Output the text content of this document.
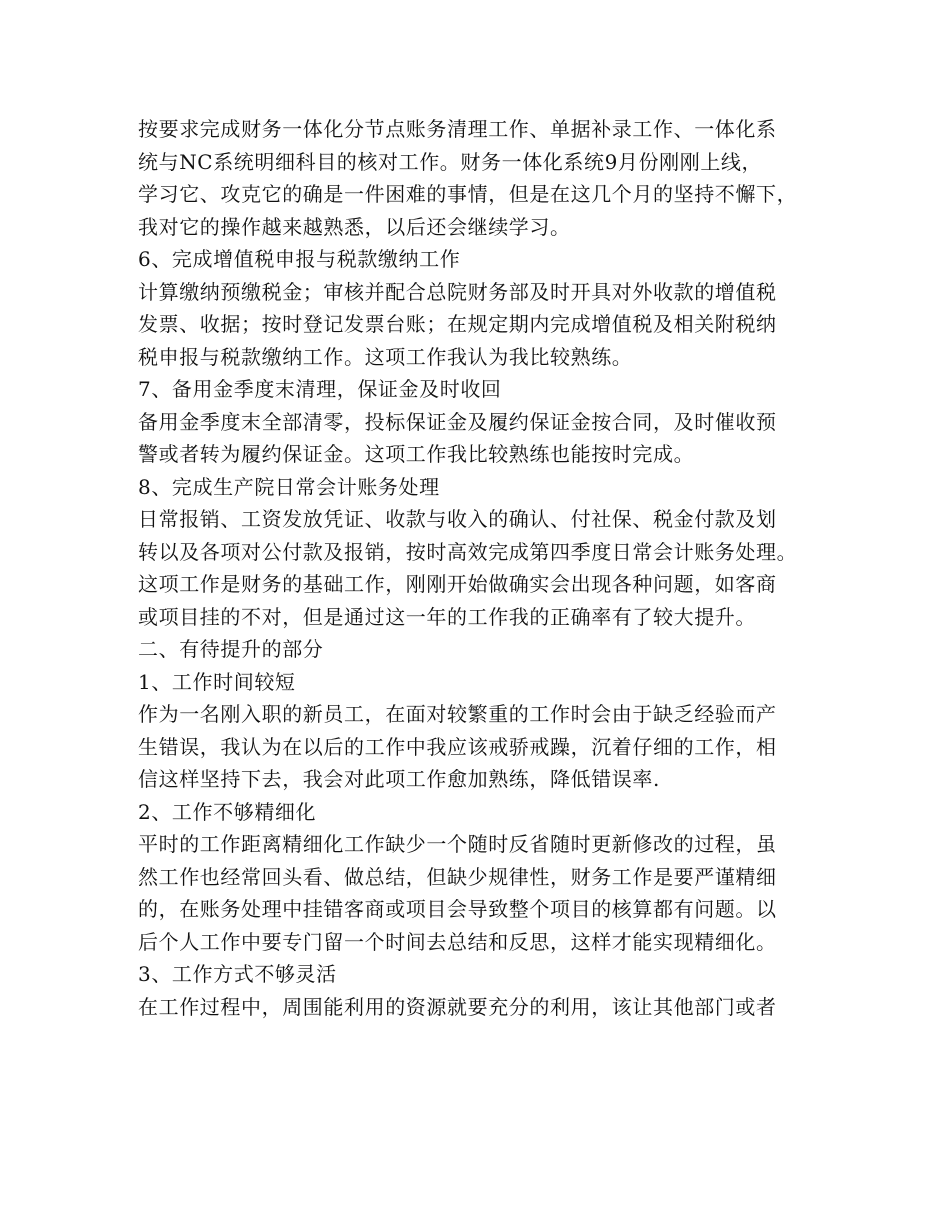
按要求完成财务一体化分节点账务清理工作、单据补录工作、一体化系
统与NC系统明细科目的核对工作。财务一体化系统9月份刚刚上线，
学习它、攻克它的确是一件困难的事情，但是在这几个月的坚持不懈下，
我对它的操作越来越熟悉，以后还会继续学习。
6、完成增值税申报与税款缴纳工作
计算缴纳预缴税金；审核并配合总院财务部及时开具对外收款的增值税
发票、收据；按时登记发票台账；在规定期内完成增值税及相关附税纳
税申报与税款缴纳工作。这项工作我认为我比较熟练。
7、备用金季度末清理，保证金及时收回
备用金季度末全部清零，投标保证金及履约保证金按合同，及时催收预
警或者转为履约保证金。这项工作我比较熟练也能按时完成。
8、完成生产院日常会计账务处理
日常报销、工资发放凭证、收款与收入的确认、付社保、税金付款及划
转以及各项对公付款及报销，按时高效完成第四季度日常会计账务处理。
这项工作是财务的基础工作，刚刚开始做确实会出现各种问题，如客商
或项目挂的不对，但是通过这一年的工作我的正确率有了较大提升。
二、有待提升的部分
1、工作时间较短
作为一名刚入职的新员工，在面对较繁重的工作时会由于缺乏经验而产
生错误，我认为在以后的工作中我应该戒骄戒躁，沉着仔细的工作，相
信这样坚持下去，我会对此项工作愈加熟练，降低错误率.
2、工作不够精细化
平时的工作距离精细化工作缺少一个随时反省随时更新修改的过程，虽
然工作也经常回头看、做总结，但缺少规律性，财务工作是要严谨精细
的，在账务处理中挂错客商或项目会导致整个项目的核算都有问题。以
后个人工作中要专门留一个时间去总结和反思，这样才能实现精细化。
3、工作方式不够灵活
在工作过程中，周围能利用的资源就要充分的利用，该让其他部门或者
